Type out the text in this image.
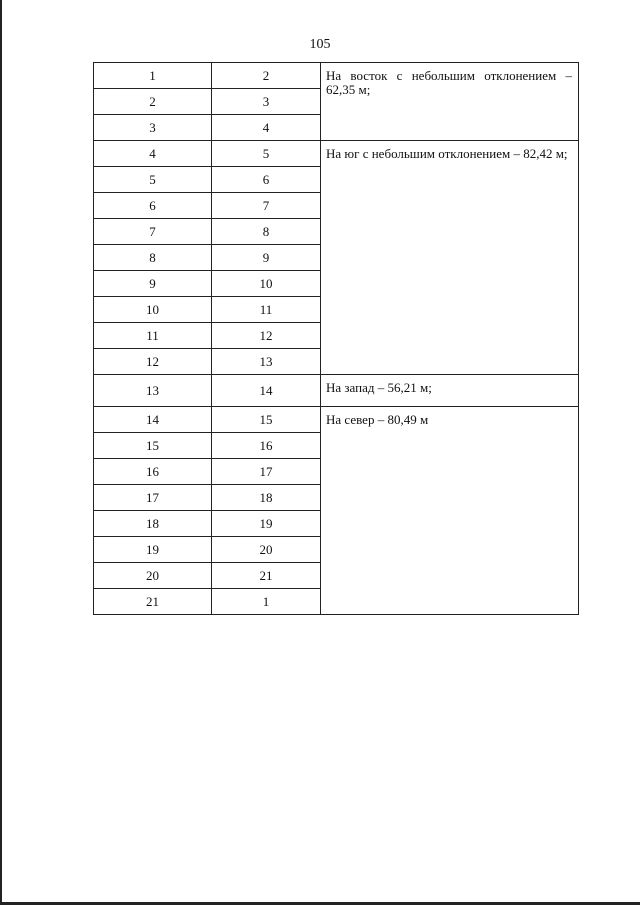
105
1	2	На восток с небольшим отклонением – 62,35 м;
2	3	
3	4	
4	5	На юг с небольшим отклонением – 82,42 м;
5	6	
6	7	
7	8	
8	9	
9	10	
10	11	
11	12	
12	13	
13	14	На запад – 56,21 м;
14	15	На север – 80,49 м
15	16	
16	17	
17	18	
18	19	
19	20	
20	21	
21	1	
